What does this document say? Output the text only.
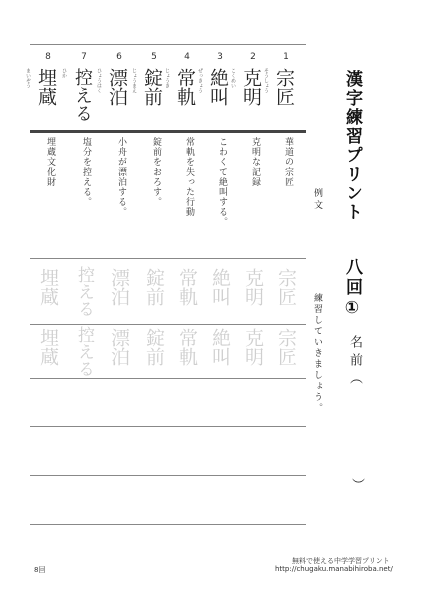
漢字練習プリント
八回①
名前（
）
例文
練習していきましょう。
1
宗匠
そうしょう
華道の宗匠
宗匠
宗匠
2
克明
こくめい
克明な記録
克明
克明
3
絶叫
ぜっきょう
こわくて絶叫する。
絶叫
絶叫
4
常軌
じょうき
常軌を失った行動
常軌
常軌
5
錠前
じょうまえ
錠前をおろす。
錠前
錠前
6
漂泊
ひょうはく
小舟が漂泊する。
漂泊
漂泊
7
控える
ひか
塩分を控える。
控える
控える
8
埋蔵
まいぞう
埋蔵文化財
埋蔵
埋蔵
無料で使える中学学習プリント
http://chugaku.manabihiroba.net/
8回
